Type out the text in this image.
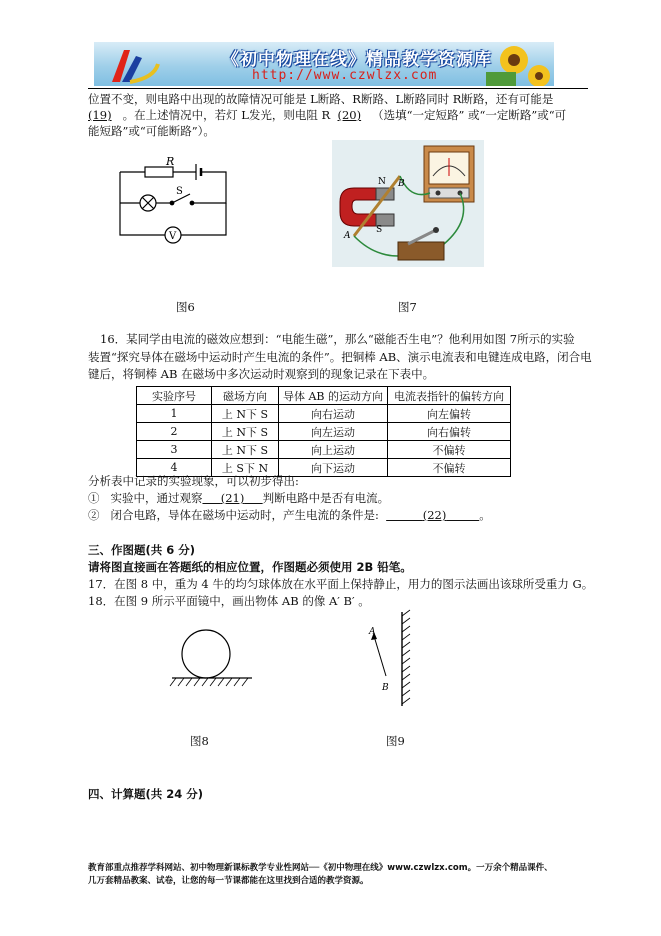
《初中物理在线》精品教学资源库
http://www.czwlzx.com
位置不变，则电路中出现的故障情况可能是 L断路、R断路、L断路同时 R断路，还有可能是
(19) 。在上述情况中，若灯 L发光，则电阻 R (20) （选填“一定短路” 或“一定断路”或“可
能短路”或“可能断路”）。
R
S
V
N
S
A
B
图6	图7
16．某同学由电流的磁效应想到：“电能生磁”，那么“磁能否生电”？他利用如图 7所示的实验
装置“探究导体在磁场中运动时产生电流的条件”。把铜棒 AB、演示电流表和电键连成电路，闭合电
键后，将铜棒 AB 在磁场中多次运动时观察到的现象记录在下表中。
实验序号	磁场方向	导体 AB 的运动方向	电流表指针的偏转方向
1	上 N下 S	向右运动	向左偏转
2	上 N下 S	向左运动	向右偏转
3	上 N下 S	向上运动	不偏转
4	上 S下 N	向下运动	不偏转
分析表中记录的实验现象，可以初步得出:
① 实验中，通过观察 (21) 判断电路中是否有电流。
② 闭合电路，导体在磁场中运动时，产生电流的条件是:	(22)	。
三、作图题(共 6 分)
请将图直接画在答题纸的相应位置，作图题必须使用 2B 铅笔。
17．在图 8 中，重为 4 牛的均匀球体放在水平面上保持静止，用力的图示法画出该球所受重力 G。
18．在图 9 所示平面镜中，画出物体 AB 的像 A′ B′ 。
A
B
图8	图9
四、计算题(共 24 分)
教育部重点推荐学科网站、初中物理新课标教学专业性网站──《初中物理在线》www.czwlzx.com。一万余个精品课件、
几万套精品教案、试卷，让您的每一节课都能在这里找到合适的教学资源。
